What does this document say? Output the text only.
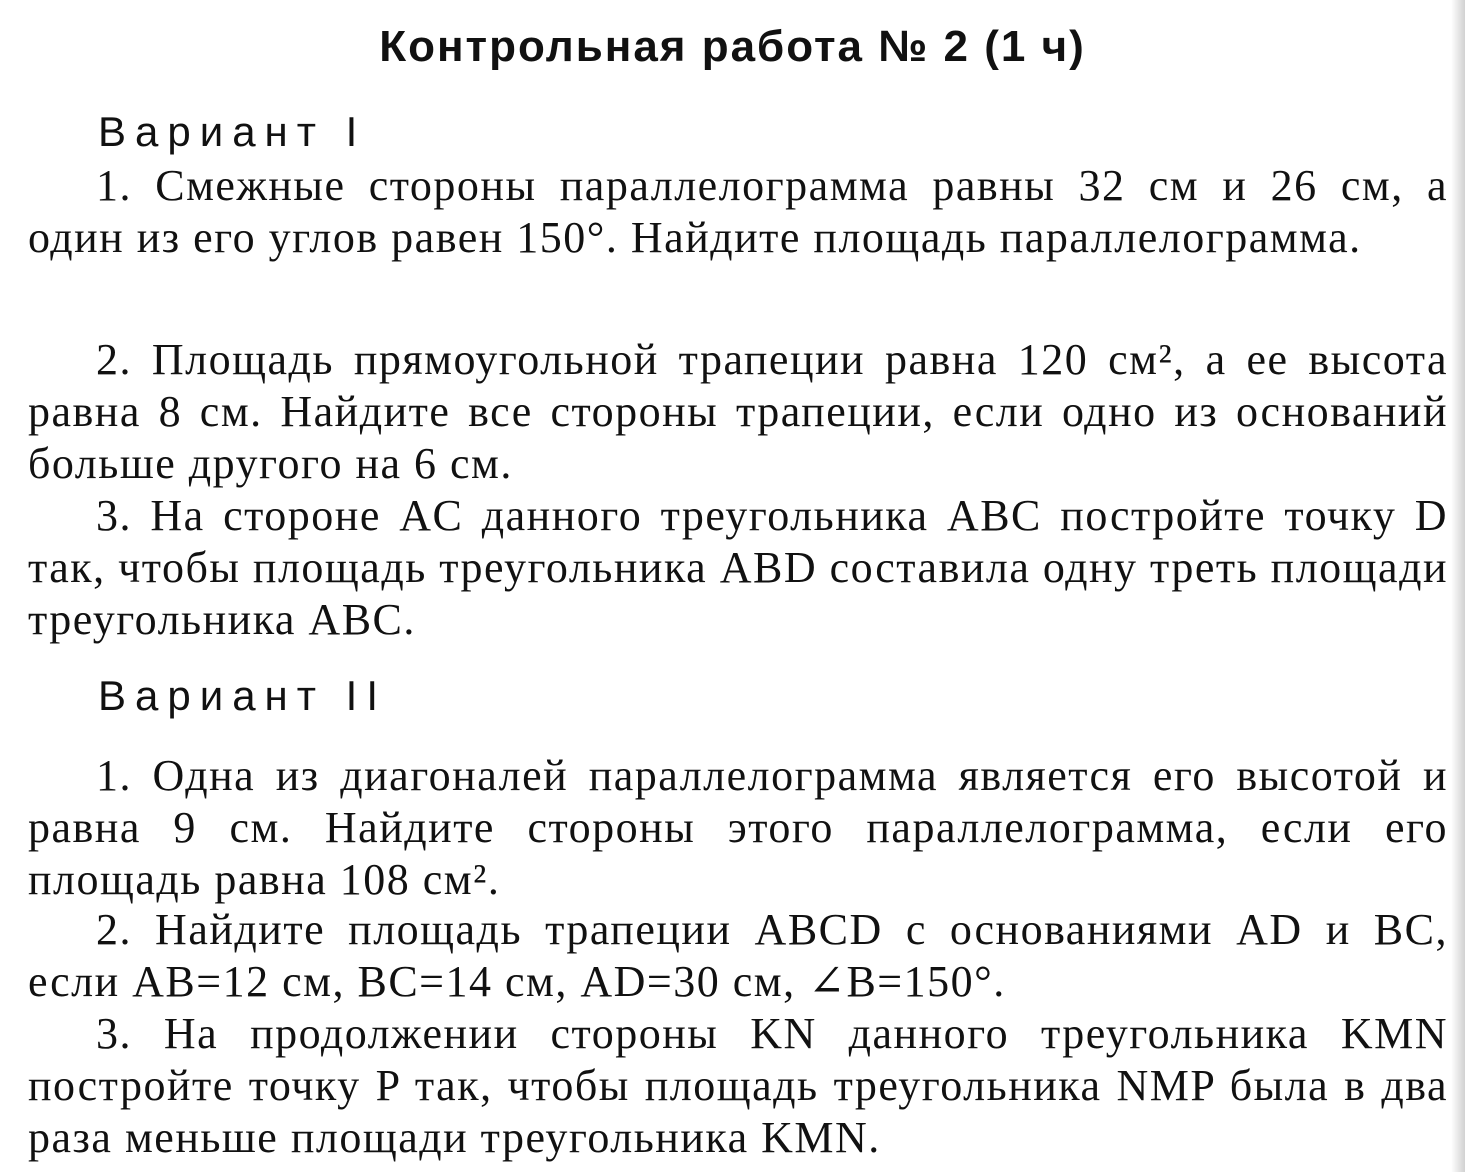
Контрольная работа № 2 (1 ч)
Вариант I

1. Смежные стороны параллелограмма равны 32 см и 26 см, а один из его углов равен 150°. Найдите площадь параллелограмма.

2. Площадь прямоугольной трапеции равна 120 см², а ее высота равна 8 см. Найдите все стороны трапеции, если одно из оснований больше другого на 6 см.

3. На стороне AC данного треугольника ABC постройте точку D так, чтобы площадь треугольника ABD составила одну треть площади треугольника ABC.

Вариант II

1. Одна из диагоналей параллелограмма является его высотой и равна 9 см. Найдите стороны этого параллелограмма, если его площадь равна 108 см².

2. Найдите площадь трапеции ABCD с основаниями AD и BC, если AB=12 см, BC=14 см, AD=30 см, ∠B=150°.

3. На продолжении стороны KN данного треугольника KMN постройте точку P так, чтобы площадь треугольника NMP была в два раза меньше площади треугольника KMN.
